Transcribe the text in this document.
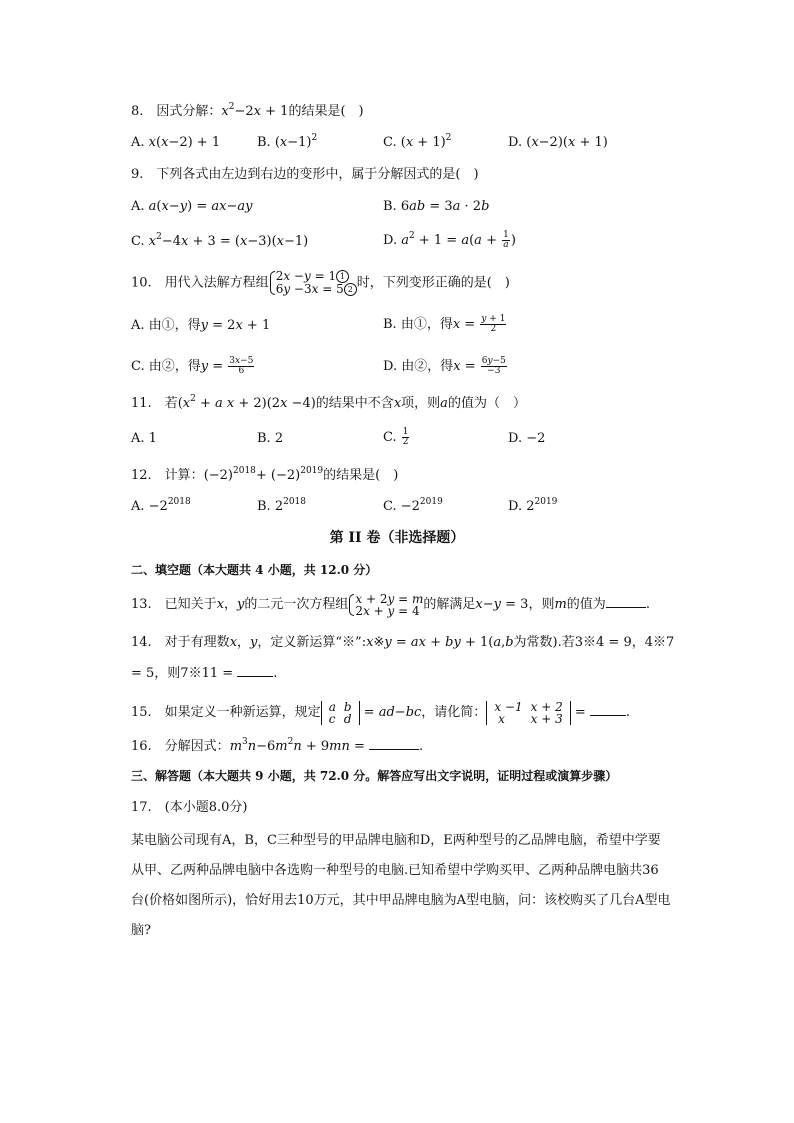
8.　因式分解：$x^2-2x + 1$的结果是(　)
A. x(x−2) + 1	B. $(x-1)^2$	C. $(x + 1)^2$	D. (x−2)(x + 1)
9.　下列各式由左边到右边的变形中，属于分解因式的是(　)
A. a(x−y) = ax−ay	B. 6ab = 3a · 2b
C. $x^2-4x + 3 = (x-3)(x-1)$	D. $a^2 + 1 = a(a + \frac{1}{a}$ )
10.　用代入法解方程组 2x −y = 1 1
6y −3x = 5 2 时，下列变形正确的是(　)
A. 由①，得y = 2x + 1	B. 由①，得$x = \frac{y + 1}{2}$
C. 由②，得$y = \frac{3x-5}{6}$	D. 由②，得$x = \frac{6y-5}{-3}$
11.　若($x^2 + a$ x + 2)(2x −4)的结果中不含x项，则a的值为（　）
A. 1	B. 2	C. $\frac{1}{2}$	D. −2
12.　计算：$(-2)^{2018}+ (-2)^{2019}$的结果是(　)
A. $-2^{2018}$	B. $2^{2018}$	C. $-2^{2019}$	D. $2^{2019}$
第 II 卷（非选择题）
二、填空题（本大题共 4 小题，共 12.0 分）
13.　已知关于x，y的二元一次方程组 x + 2y = m
2x + y = 4 的解满足x−y = 3，则m的值为	.
14.　对于有理数x，y，定义新运算“※”:x※y = ax + by + 1(a,b为常数).若3※4 = 9，4※7
= 5，则7※11 =	.
15.　如果定义一种新运算，规定 a	b
c	d = ad−bc，请化简： x −1	x + 2
x	x + 3 =	.
16.　分解因式：$m^3n-6m^2n + 9mn$ =	.
三、解答题（本大题共 9 小题，共 72.0 分。解答应写出文字说明，证明过程或演算步骤）
17.　(本小题8.0分)
某电脑公司现有A，B，C三种型号的甲品牌电脑和D，E两种型号的乙品牌电脑，希望中学要从甲、乙两种品牌电脑中各选购一种型号的电脑.已知希望中学购买甲、乙两种品牌电脑共36台(价格如图所示)，恰好用去10万元，其中甲品牌电脑为A型电脑，问：该校购买了几台A型电脑?
